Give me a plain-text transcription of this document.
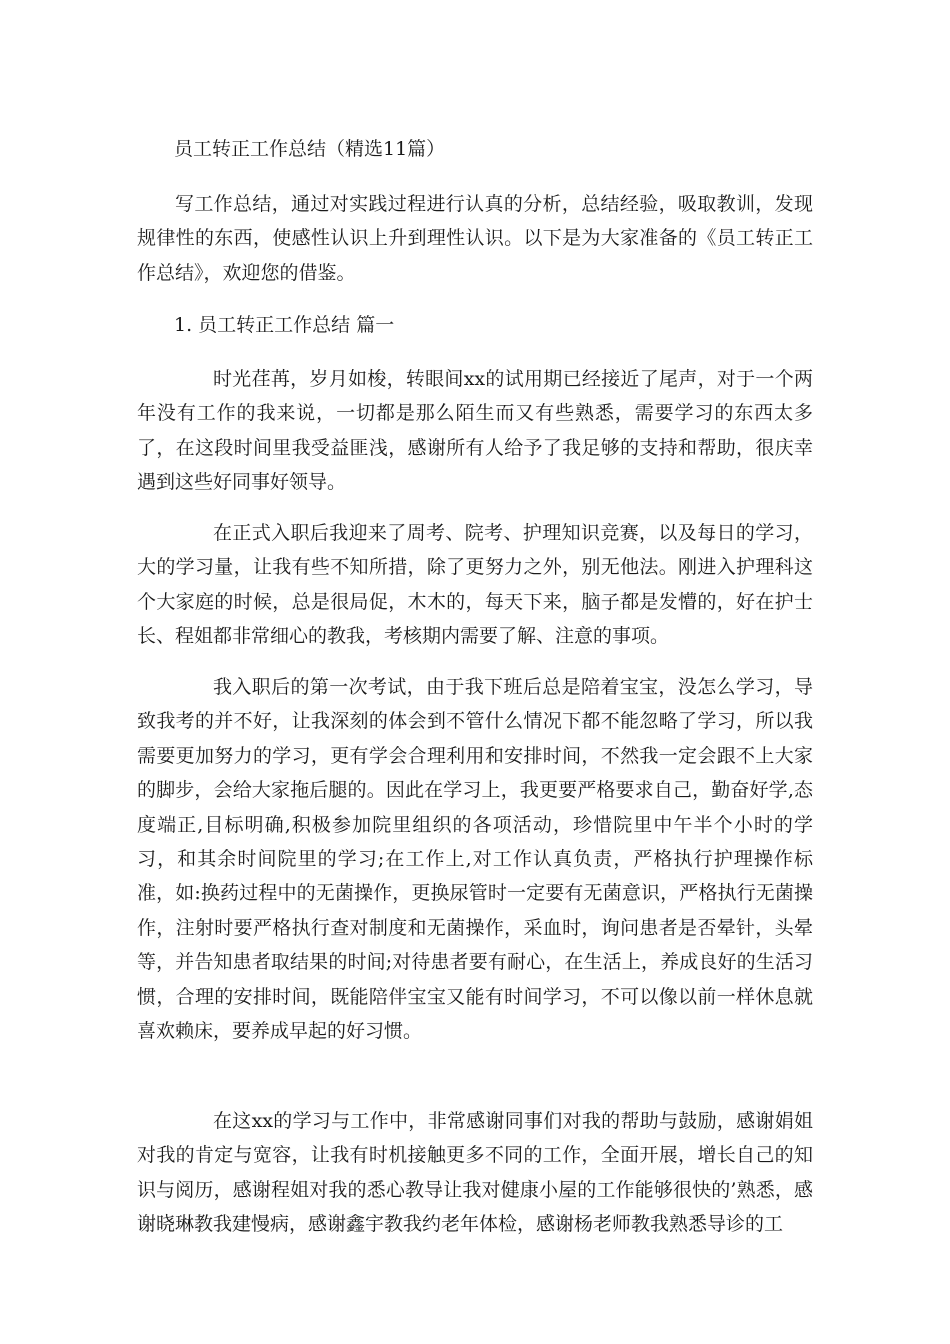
员工转正工作总结（精选11篇）

写工作总结，通过对实践过程进行认真的分析，总结经验，吸取教训，发现规律性的东西，使感性认识上升到理性认识。以下是为大家准备的《员工转正工作总结》，欢迎您的借鉴。

1. 员工转正工作总结 篇一

时光荏苒，岁月如梭，转眼间xx的试用期已经接近了尾声，对于一个两年没有工作的我来说，一切都是那么陌生而又有些熟悉，需要学习的东西太多了，在这段时间里我受益匪浅，感谢所有人给予了我足够的支持和帮助，很庆幸遇到这些好同事好领导。

在正式入职后我迎来了周考、院考、护理知识竞赛，以及每日的学习，大的学习量，让我有些不知所措，除了更努力之外，别无他法。刚进入护理科这个大家庭的时候，总是很局促，木木的，每天下来，脑子都是发懵的，好在护士长、程姐都非常细心的教我，考核期内需要了解、注意的事项。

我入职后的第一次考试，由于我下班后总是陪着宝宝，没怎么学习，导致我考的并不好，让我深刻的体会到不管什么情况下都不能忽略了学习，所以我需要更加努力的学习，更有学会合理利用和安排时间，不然我一定会跟不上大家的脚步，会给大家拖后腿的。因此在学习上，我更要严格要求自己，勤奋好学,态度端正,目标明确,积极参加院里组织的各项活动，珍惜院里中午半个小时的学习，和其余时间院里的学习;在工作上,对工作认真负责，严格执行护理操作标准，如:换药过程中的无菌操作，更换尿管时一定要有无菌意识，严格执行无菌操作，注射时要严格执行查对制度和无菌操作，采血时，询问患者是否晕针，头晕等，并告知患者取结果的时间;对待患者要有耐心，在生活上，养成良好的生活习惯，合理的安排时间，既能陪伴宝宝又能有时间学习，不可以像以前一样休息就喜欢赖床，要养成早起的好习惯。

在这xx的学习与工作中，非常感谢同事们对我的帮助与鼓励，感谢娟姐对我的肯定与宽容，让我有时机接触更多不同的工作，全面开展，增长自己的知识与阅历，感谢程姐对我的悉心教导让我对健康小屋的工作能够很快的’熟悉，感谢晓琳教我建慢病，感谢鑫宇教我约老年体检，感谢杨老师教我熟悉导诊的工
